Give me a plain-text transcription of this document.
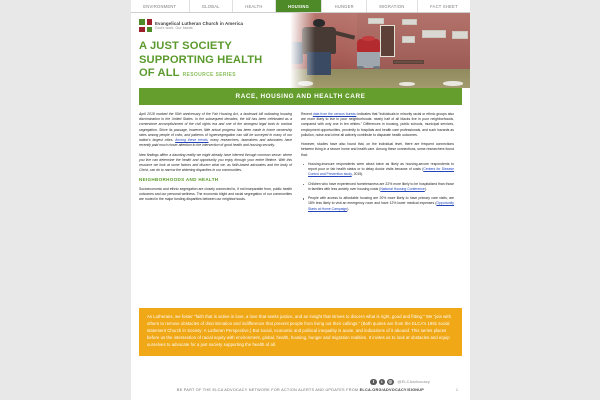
ENVIRONMENT	GLOBAL	HEALTH	HOUSING	HUNGER	MIGRATION	FACT SHEET
Evangelical Lutheran Church in America
God's work. Our hands.
A JUST SOCIETY
SUPPORTING HEALTH
OF ALL RESOURCE SERIES
RACE, HOUSING AND HEALTH CARE

April 2018 marked the 50th anniversary of the Fair Housing Act, a landmark bill outlawing housing discrimination in the United States. In the subsequent decades, the bill has been celebrated as a cornerstone accomplishment of the civil rights era and one of the strongest legal tools to combat segregation. Since its passage, however, little actual progress has been made in home ownership rates among people of color, and patterns of hypersegregation can still be surveyed in many of our nation's largest cities. Among these trends, many researchers, lawmakers and advocates have recently paid much closer attention to the intersection of good health and housing security.

New findings affirm a daunting reality we might already have inferred through common sense: where you live can determine the health and opportunity you enjoy through your entire lifetime. With this resource we look at some factors and discern what we, as faith-based advocates and the body of Christ, can do to narrow the widening disparities in our communities.

NEIGHBORHOODS AND HEALTH

Socioeconomic and ethnic segregation are closely connected to, if not inseparable from, public health outcomes and our personal wellness. The economic blight and racial segregation of our communities are rooted in the major funding disparities between our neighborhoods.

Recent data from the census bureau indicates that "individuals in minority racial or ethnic groups also are more likely to live in poor neighborhoods: nearly half of all blacks live in poor neighborhoods, compared with only one in ten whites." Differences in housing, public schools, municipal services, employment opportunities, proximity to hospitals and health care professionals, and such hazards as pollution, noise and crime all actively contribute to disparate health outcomes.

However, studies have also found that, on the individual level, there are frequent connections between living in a secure home and health care. Among these connections, some researchers found that:

Housing-insecure respondents were about twice as likely as housing-secure respondents to report poor or fair health status or to delay doctor visits because of costs (Centers for Disease Control and Prevention study, 2015).
Children who have experienced homelessness are 22% more likely to be hospitalized than those in families with less anxiety over housing costs (National Housing Conference).
People with access to affordable housing are 20% more likely to have primary care visits, are 18% less likely to visit an emergency room and have 12% lower medical expenses (Opportunity Starts at Home Campaign).
As Lutherans, we foster "faith that is active in love, a love that seeks justice, and an insight that strives to discern what is right, good and fitting." We "join with others to remove obstacles of discrimination and indifference that prevent people from living out their callings." (Both quotes are from the ELCA's 1991 social statement Church in Society: A Lutheran Perspective.) But social, economic and political inequality is acute, and indications of it abound. This series places before us the intersection of racial equity with environment, global, health, housing, hunger and migration realities. It invites us to look at obstacles and equip ourselves to advocate for a just society supporting the health of all.
f	t	◎	@ELCAadvocacy
BE PART OF THE ELCA ADVOCACY NETWORK FOR ACTION ALERTS AND UPDATES FROM ELCA.ORG/ADVOCACY/SIGNUP	1
